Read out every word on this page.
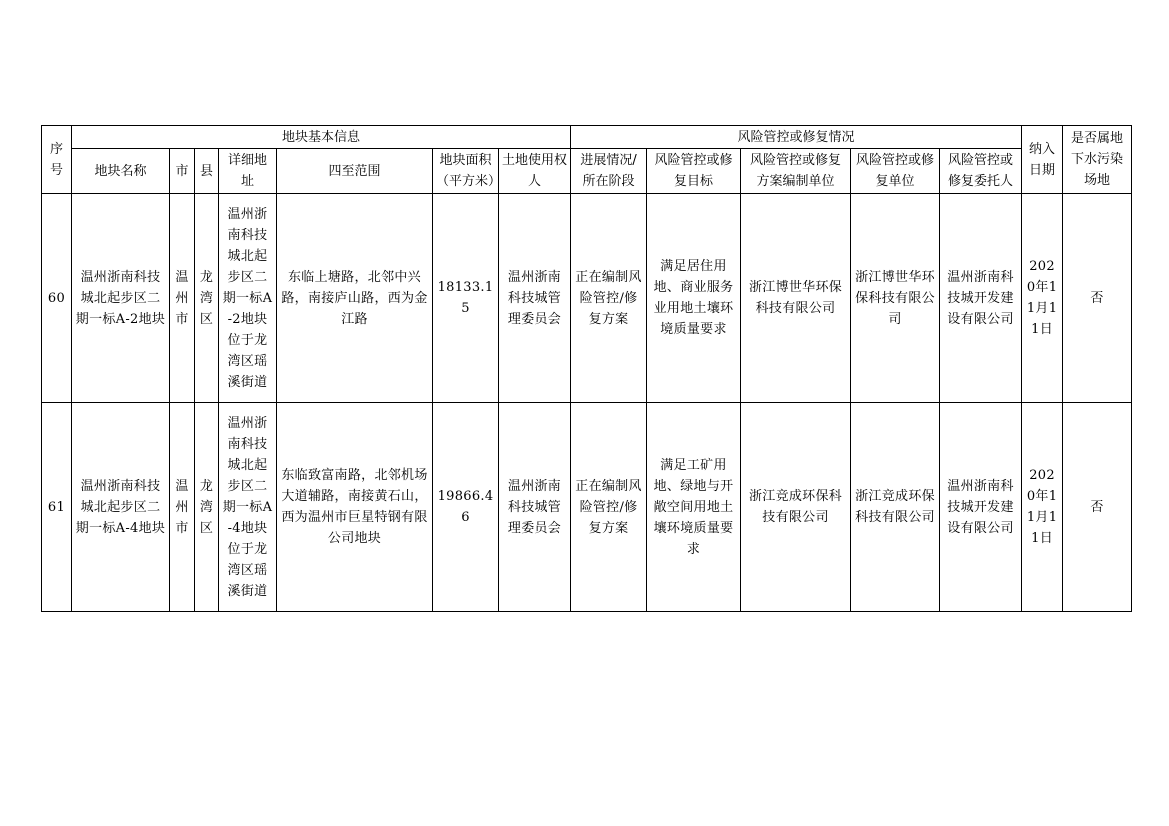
序号	地块基本信息							风险管控或修复情况					纳入日期	是否属地下水污染场地
	地块名称	市	县	详细地址	四至范围	地块面积（平方米）	土地使用权人	进展情况/所在阶段	风险管控或修复目标	风险管控或修复方案编制单位	风险管控或修复单位	风险管控或修复委托人		
60	温州浙南科技城北起步区二期一标A-2地块	温州市	龙湾区	温州浙南科技城北起步区二期一标A-2地块位于龙湾区瑶溪街道	东临上塘路，北邻中兴路，南接庐山路，西为金江路	18133.15	温州浙南科技城管理委员会	正在编制风险管控/修复方案	满足居住用地、商业服务业用地土壤环境质量要求	浙江博世华环保科技有限公司	浙江博世华环保科技有限公司	温州浙南科技城开发建设有限公司	2020年11月11日	否
61	温州浙南科技城北起步区二期一标A-4地块	温州市	龙湾区	温州浙南科技城北起步区二期一标A-4地块位于龙湾区瑶溪街道	东临致富南路，北邻机场大道辅路，南接黄石山，西为温州市巨星特钢有限公司地块	19866.46	温州浙南科技城管理委员会	正在编制风险管控/修复方案	满足工矿用地、绿地与开敞空间用地土壤环境质量要求	浙江竞成环保科技有限公司	浙江竞成环保科技有限公司	温州浙南科技城开发建设有限公司	2020年11月11日	否
